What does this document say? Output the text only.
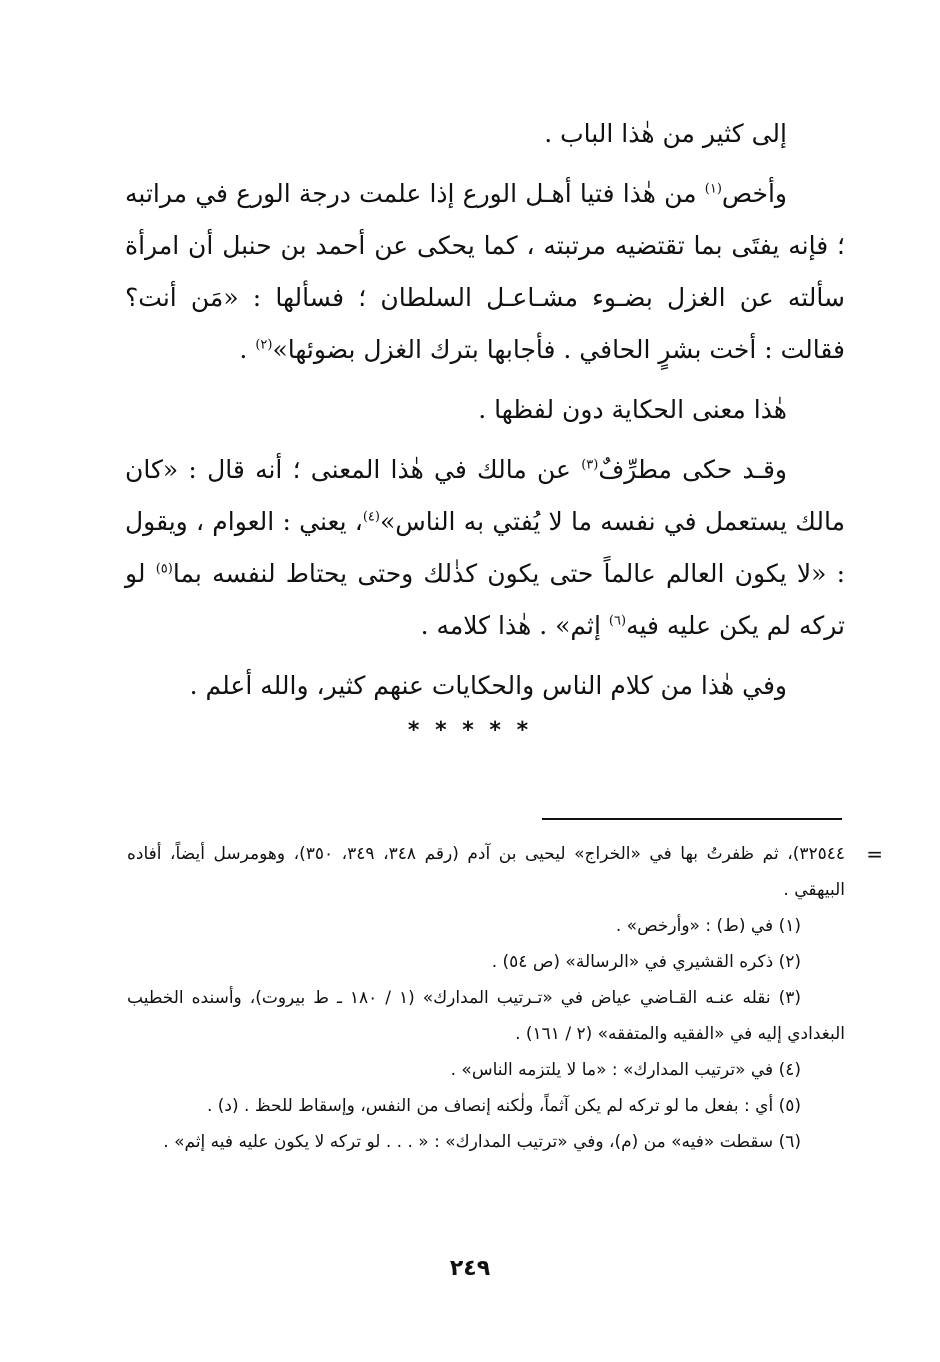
إلى كثير من هٰذا الباب .

وأخص$^{(١)}$ من هٰذا فتيا أهـل الورع إذا علمت درجة الورع في مراتبه ؛ فإنه يفتَى بما تقتضيه مرتبته ، كما يحكى عن أحمد بن حنبل أن امرأة سألته عن الغزل بضـوء مشـاعـل السلطان ؛ فسألها : «مَن أنت؟ فقالت : أخت بشرٍ الحافي . فأجابها بترك الغزل بضوئها»$^{(٢)}$ .

هٰذا معنى الحكاية دون لفظها .

وقـد حكى مطرِّفٌ$^{(٣)}$ عن مالك في هٰذا المعنى ؛ أنه قال : «كان مالك يستعمل في نفسه ما لا يُفتي به الناس»$^{(٤)}$، يعني : العوام ، ويقول : «لا يكون العالم عالماً حتى يكون كذٰلك وحتى يحتاط لنفسه بما$^{(٥)}$ لو تركه لم يكن عليه فيه$^{(٦)}$ إثم» . هٰذا كلامه .

وفي هٰذا من كلام الناس والحكايات عنهم كثير، والله أعلم .

* * * * *

=
٣٢٥٤٤)، ثم ظفرتُ بها في «الخراج» ليحيى بن آدم (رقم ٣٤٨، ٣٤٩، ٣٥٠)، وهومرسل أيضاً، أفاده البيهقي .

(١) في (ط) : «وأرخص» .

(٢) ذكره القشيري في «الرسالة» (ص ٥٤) .

(٣) نقله عنـه القـاضي عياض في «تـرتيب المدارك» (١ / ١٨٠ ـ ط بيروت)، وأسنده الخطيب البغدادي إليه في «الفقيه والمتفقه» (٢ / ١٦١) .

(٤) في «ترتيب المدارك» : «ما لا يلتزمه الناس» .

(٥) أي : بفعل ما لو تركه لم يكن آثماً، ولٰكنه إنصاف من النفس، وإسقاط للحظ . (د) .

(٦) سقطت «فيه» من (م)، وفي «ترتيب المدارك» : « . . . لو تركه لا يكون عليه فيه إثم» .

٢٤٩
